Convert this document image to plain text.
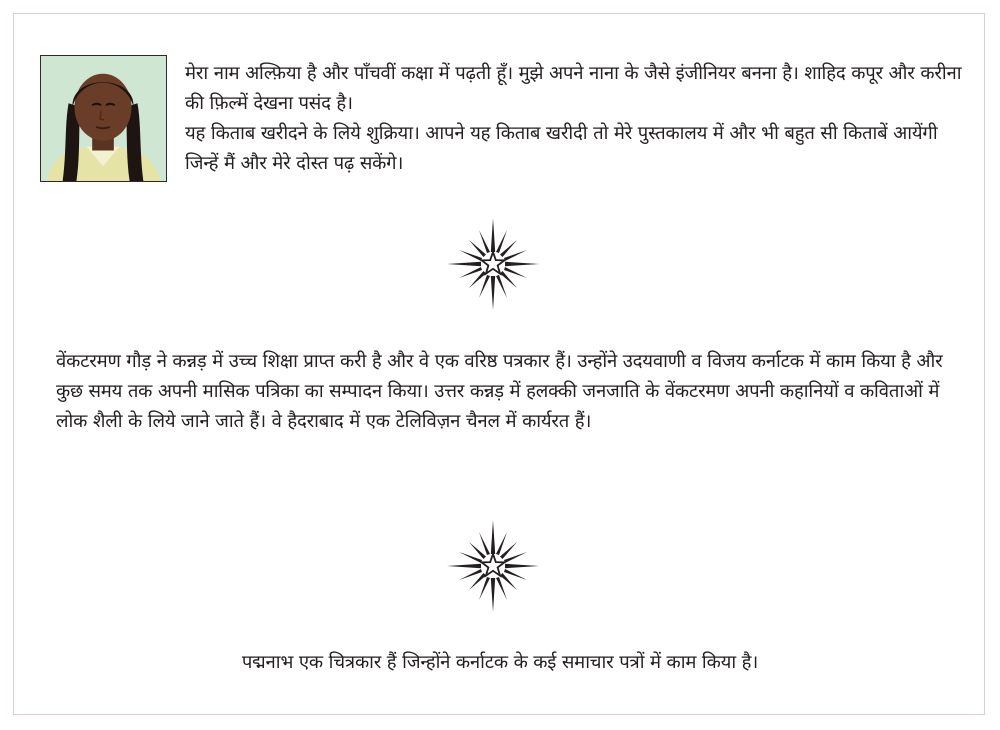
मेरा नाम अल्फ़िया है और पाँचवीं कक्षा में पढ़ती हूँ। मुझे अपने नाना के जैसे इंजीनियर बनना है। शाहिद कपूर और करीना की फ़िल्में देखना पसंद है।

यह किताब खरीदने के लिये शुक्रिया। आपने यह किताब खरीदी तो मेरे पुस्तकालय में और भी बहुत सी किताबें आयेंगी जिन्हें मैं और मेरे दोस्त पढ़ सकेंगे।

वेंकटरमण गौड़ ने कन्नड़ में उच्च शिक्षा प्राप्त करी है और वे एक वरिष्ठ पत्रकार हैं। उन्होंने उदयवाणी व विजय कर्नाटक में काम किया है और कुछ समय तक अपनी मासिक पत्रिका का सम्पादन किया। उत्तर कन्नड़ में हलक्की जनजाति के वेंकटरमण अपनी कहानियों व कविताओं में लोक शैली के लिये जाने जाते हैं। वे हैदराबाद में एक टेलिविज़न चैनल में कार्यरत हैं।

पद्मनाभ एक चित्रकार हैं जिन्होंने कर्नाटक के कई समाचार पत्रों में काम किया है।
